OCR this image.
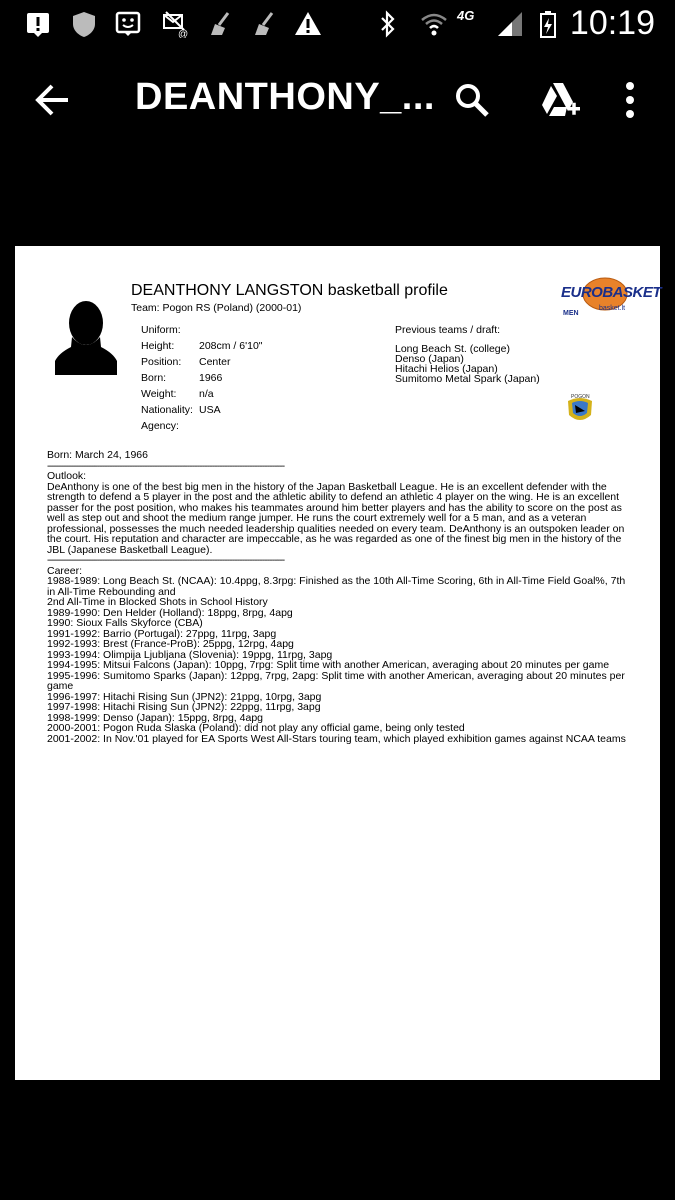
@
4G	10:19
DEANTHONY_...
DEANTHONY LANGSTON basketball profile
Team: Pogon RS (Poland) (2000-01)
EUROBASKET
basket.lt
MEN
Uniform:
Height:	208cm / 6'10"
Position:	Center
Born:	1966
Weight:	n/a
Nationality: USA
Agency:
Previous teams / draft:
Long Beach St. (college)
Denso (Japan)
Hitachi Helios (Japan)
Sumitomo Metal Spark (Japan)
POGON
Born: March 24, 1966
-----------------------------------------------------------------------------------------------
Outlook:
DeAnthony is one of the best big men in the history of the Japan Basketball League. He is an excellent defender with the strength to defend a 5 player in the post and the athletic ability to defend an athletic 4 player on the wing. He is an excellent passer for the post position, who makes his teammates around him better players and has the ability to score on the post as well as step out and shoot the medium range jumper. He runs the court extremely well for a 5 man, and as a veteran professional, possesses the much needed leadership qualities needed on every team. DeAnthony is an outspoken leader on the court. His reputation and character are impeccable, as he was regarded as one of the finest big men in the history of the JBL (Japanese Basketball League).
-----------------------------------------------------------------------------------------------
Career:
1988-1989: Long Beach St. (NCAA): 10.4ppg, 8.3rpg: Finished as the 10th All-Time Scoring, 6th in All-Time Field Goal%, 7th in All-Time Rebounding and
2nd All-Time in Blocked Shots in School History
1989-1990: Den Helder (Holland): 18ppg, 8rpg, 4apg
1990: Sioux Falls Skyforce (CBA)
1991-1992: Barrio (Portugal): 27ppg, 11rpg, 3apg
1992-1993: Brest (France-ProB): 25ppg, 12rpg, 4apg
1993-1994: Olimpija Ljubljana (Slovenia): 19ppg, 11rpg, 3apg
1994-1995: Mitsui Falcons (Japan): 10ppg, 7rpg: Split time with another American, averaging about 20 minutes per game
1995-1996: Sumitomo Sparks (Japan): 12ppg, 7rpg, 2apg: Split time with another American, averaging about 20 minutes per game
1996-1997: Hitachi Rising Sun (JPN2): 21ppg, 10rpg, 3apg
1997-1998: Hitachi Rising Sun (JPN2): 22ppg, 11rpg, 3apg
1998-1999: Denso (Japan): 15ppg, 8rpg, 4apg
2000-2001: Pogon Ruda Slaska (Poland): did not play any official game, being only tested
2001-2002: In Nov.'01 played for EA Sports West All-Stars touring team, which played exhibition games against NCAA teams
